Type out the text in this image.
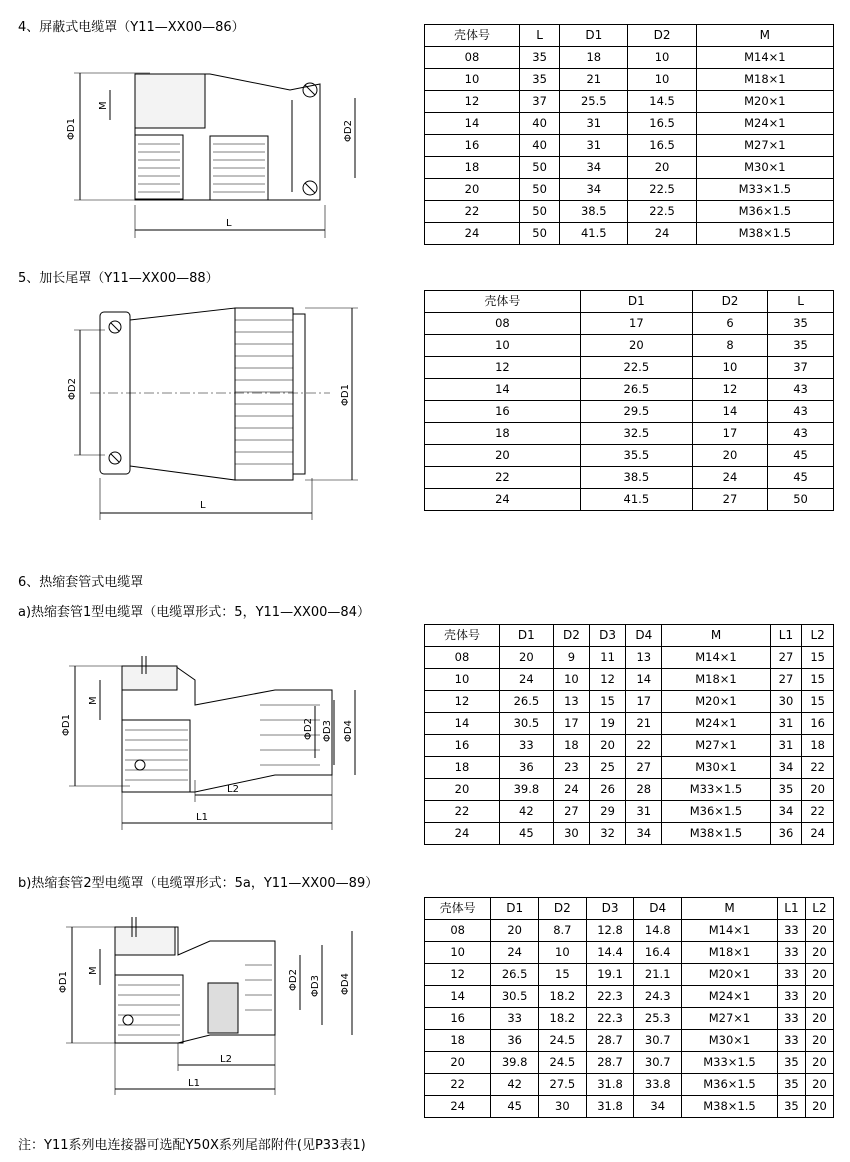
4、屏蔽式电缆罩（Y11—XX00—86）
ΦD1
M
ΦD2
L
壳体号	L	D1	D2	M
08	35	18	10	M14×1
10	35	21	10	M18×1
12	37	25.5	14.5	M20×1
14	40	31	16.5	M24×1
16	40	31	16.5	M27×1
18	50	34	20	M30×1
20	50	34	22.5	M33×1.5
22	50	38.5	22.5	M36×1.5
24	50	41.5	24	M38×1.5
5、加长尾罩（Y11—XX00—88）
ΦD2	ΦD1
L
壳体号	D1	D2	L
08	17	6	35
10	20	8	35
12	22.5	10	37
14	26.5	12	43
16	29.5	14	43
18	32.5	17	43
20	35.5	20	45
22	38.5	24	45
24	41.5	27	50
6、热缩套管式电缆罩
a)热缩套管1型电缆罩（电缆罩形式：5，Y11—XX00—84）
ΦD1
M
ΦD2 ΦD3 ΦD4
L2
L1
壳体号	D1	D2	D3	D4	M	L1	L2
08	20	9	11	13	M14×1	27	15
10	24	10	12	14	M18×1	27	15
12	26.5	13	15	17	M20×1	30	15
14	30.5	17	19	21	M24×1	31	16
16	33	18	20	22	M27×1	31	18
18	36	23	25	27	M30×1	34	22
20	39.8	24	26	28	M33×1.5	35	20
22	42	27	29	31	M36×1.5	34	22
24	45	30	32	34	M38×1.5	36	24
b)热缩套管2型电缆罩（电缆罩形式：5a，Y11—XX00—89）
ΦD1
M	ΦD2 ΦD3 ΦD4
L2
L1
壳体号	D1	D2	D3	D4	M	L1	L2
08	20	8.7	12.8	14.8	M14×1	33	20
10	24	10	14.4	16.4	M18×1	33	20
12	26.5	15	19.1	21.1	M20×1	33	20
14	30.5	18.2	22.3	24.3	M24×1	33	20
16	33	18.2	22.3	25.3	M27×1	33	20
18	36	24.5	28.7	30.7	M30×1	33	20
20	39.8	24.5	28.7	30.7	M33×1.5	35	20
22	42	27.5	31.8	33.8	M36×1.5	35	20
24	45	30	31.8	34	M38×1.5	35	20
注：Y11系列电连接器可选配Y50X系列尾部附件(见P33表1)
